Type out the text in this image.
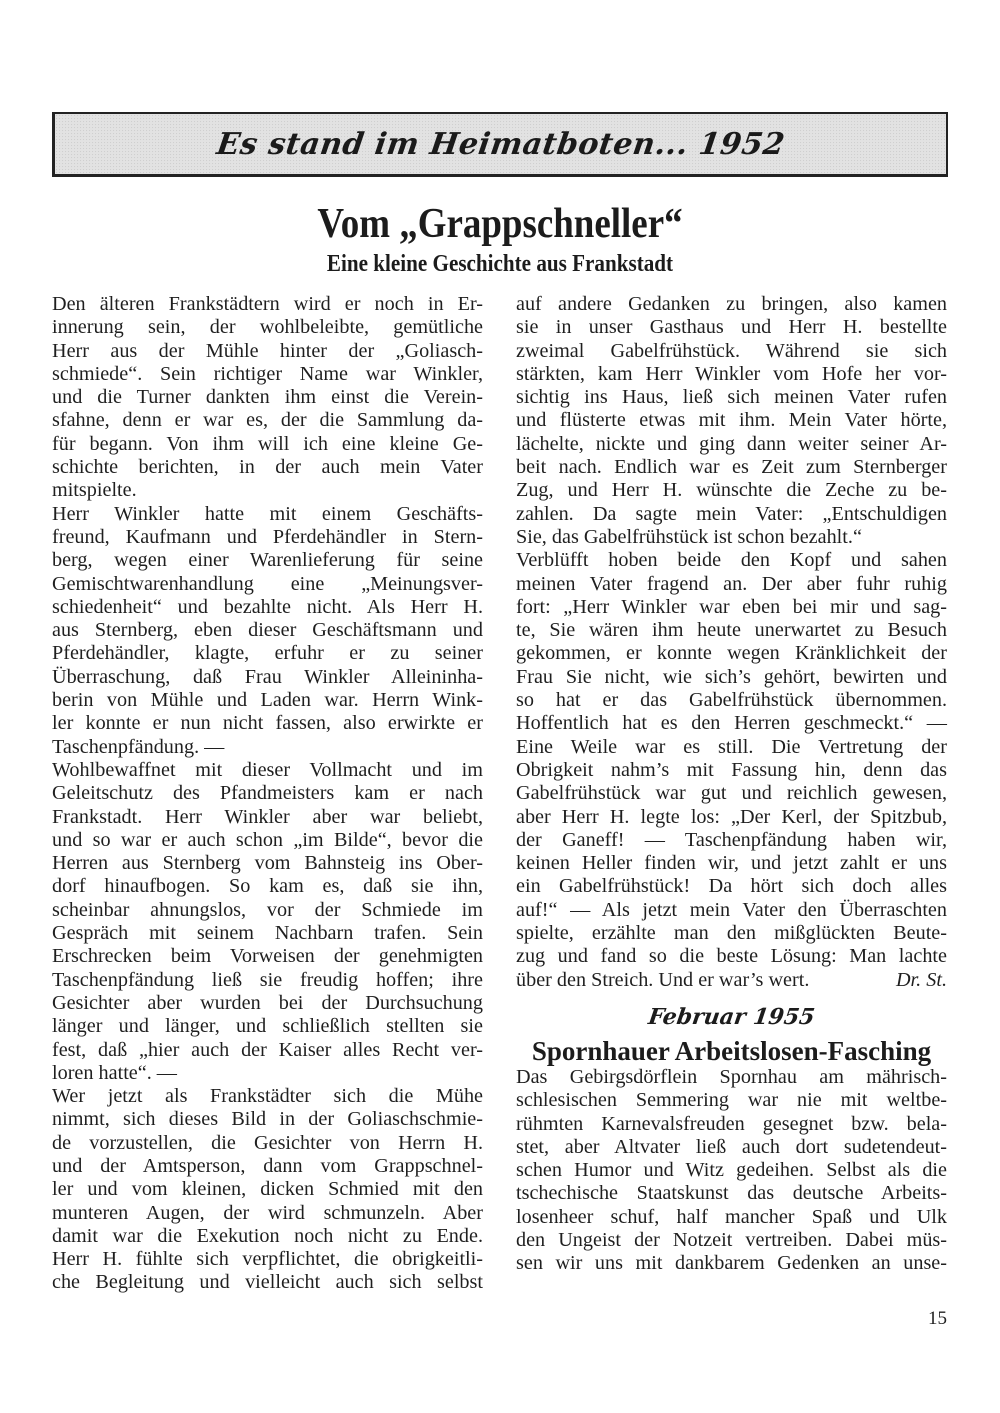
Es stand im Heimatboten... 1952
Vom „Grappschneller“
Eine kleine Geschichte aus Frankstadt
Den älteren Frankstädtern wird er noch in Er-
innerung sein, der wohlbeleibte, gemütliche
Herr aus der Mühle hinter der „Goliasch-
schmiede“. Sein richtiger Name war Winkler,
und die Turner dankten ihm einst die Verein-
sfahne, denn er war es, der die Sammlung da-
für begann. Von ihm will ich eine kleine Ge-
schichte berichten, in der auch mein Vater
mitspielte.
Herr Winkler hatte mit einem Geschäfts-
freund, Kaufmann und Pferdehändler in Stern-
berg, wegen einer Warenlieferung für seine
Gemischtwarenhandlung eine „Meinungsver-
schiedenheit“ und bezahlte nicht. Als Herr H.
aus Sternberg, eben dieser Geschäftsmann und
Pferdehändler, klagte, erfuhr er zu seiner
Überraschung, daß Frau Winkler Alleininha-
berin von Mühle und Laden war. Herrn Wink-
ler konnte er nun nicht fassen, also erwirkte er
Taschenpfändung. —
Wohlbewaffnet mit dieser Vollmacht und im
Geleitschutz des Pfandmeisters kam er nach
Frankstadt. Herr Winkler aber war beliebt,
und so war er auch schon „im Bilde“, bevor die
Herren aus Sternberg vom Bahnsteig ins Ober-
dorf hinaufbogen. So kam es, daß sie ihn,
scheinbar ahnungslos, vor der Schmiede im
Gespräch mit seinem Nachbarn trafen. Sein
Erschrecken beim Vorweisen der genehmigten
Taschenpfändung ließ sie freudig hoffen; ihre
Gesichter aber wurden bei der Durchsuchung
länger und länger, und schließlich stellten sie
fest, daß „hier auch der Kaiser alles Recht ver-
loren hatte“. —
Wer jetzt als Frankstädter sich die Mühe
nimmt, sich dieses Bild in der Goliaschschmie-
de vorzustellen, die Gesichter von Herrn H.
und der Amtsperson, dann vom Grappschnel-
ler und vom kleinen, dicken Schmied mit den
munteren Augen, der wird schmunzeln. Aber
damit war die Exekution noch nicht zu Ende.
Herr H. fühlte sich verpflichtet, die obrigkeitli-
che Begleitung und vielleicht auch sich selbst
auf andere Gedanken zu bringen, also kamen
sie in unser Gasthaus und Herr H. bestellte
zweimal Gabelfrühstück. Während sie sich
stärkten, kam Herr Winkler vom Hofe her vor-
sichtig ins Haus, ließ sich meinen Vater rufen
und flüsterte etwas mit ihm. Mein Vater hörte,
lächelte, nickte und ging dann weiter seiner Ar-
beit nach. Endlich war es Zeit zum Sternberger
Zug, und Herr H. wünschte die Zeche zu be-
zahlen. Da sagte mein Vater: „Entschuldigen
Sie, das Gabelfrühstück ist schon bezahlt.“
Verblüfft hoben beide den Kopf und sahen
meinen Vater fragend an. Der aber fuhr ruhig
fort: „Herr Winkler war eben bei mir und sag-
te, Sie wären ihm heute unerwartet zu Besuch
gekommen, er konnte wegen Kränklichkeit der
Frau Sie nicht, wie sich’s gehört, bewirten und
so hat er das Gabelfrühstück übernommen.
Hoffentlich hat es den Herren geschmeckt.“ —
Eine Weile war es still. Die Vertretung der
Obrigkeit nahm’s mit Fassung hin, denn das
Gabelfrühstück war gut und reichlich gewesen,
aber Herr H. legte los: „Der Kerl, der Spitzbub,
der Ganeff! — Taschenpfändung haben wir,
keinen Heller finden wir, und jetzt zahlt er uns
ein Gabelfrühstück! Da hört sich doch alles
auf!“ — Als jetzt mein Vater den Überraschten
spielte, erzählte man den mißglückten Beute-
zug und fand so die beste Lösung: Man lachte
über den Streich. Und er war’s wert.	Dr. St.
Februar 1955
Spornhauer Arbeitslosen-Fasching
Das Gebirgsdörflein Spornhau am mährisch-
schlesischen Semmering war nie mit weltbe-
rühmten Karnevalsfreuden gesegnet bzw. bela-
stet, aber Altvater ließ auch dort sudetendeut-
schen Humor und Witz gedeihen. Selbst als die
tschechische Staatskunst das deutsche Arbeits-
losenheer schuf, half mancher Spaß und Ulk
den Ungeist der Notzeit vertreiben. Dabei müs-
sen wir uns mit dankbarem Gedenken an unse-
15
